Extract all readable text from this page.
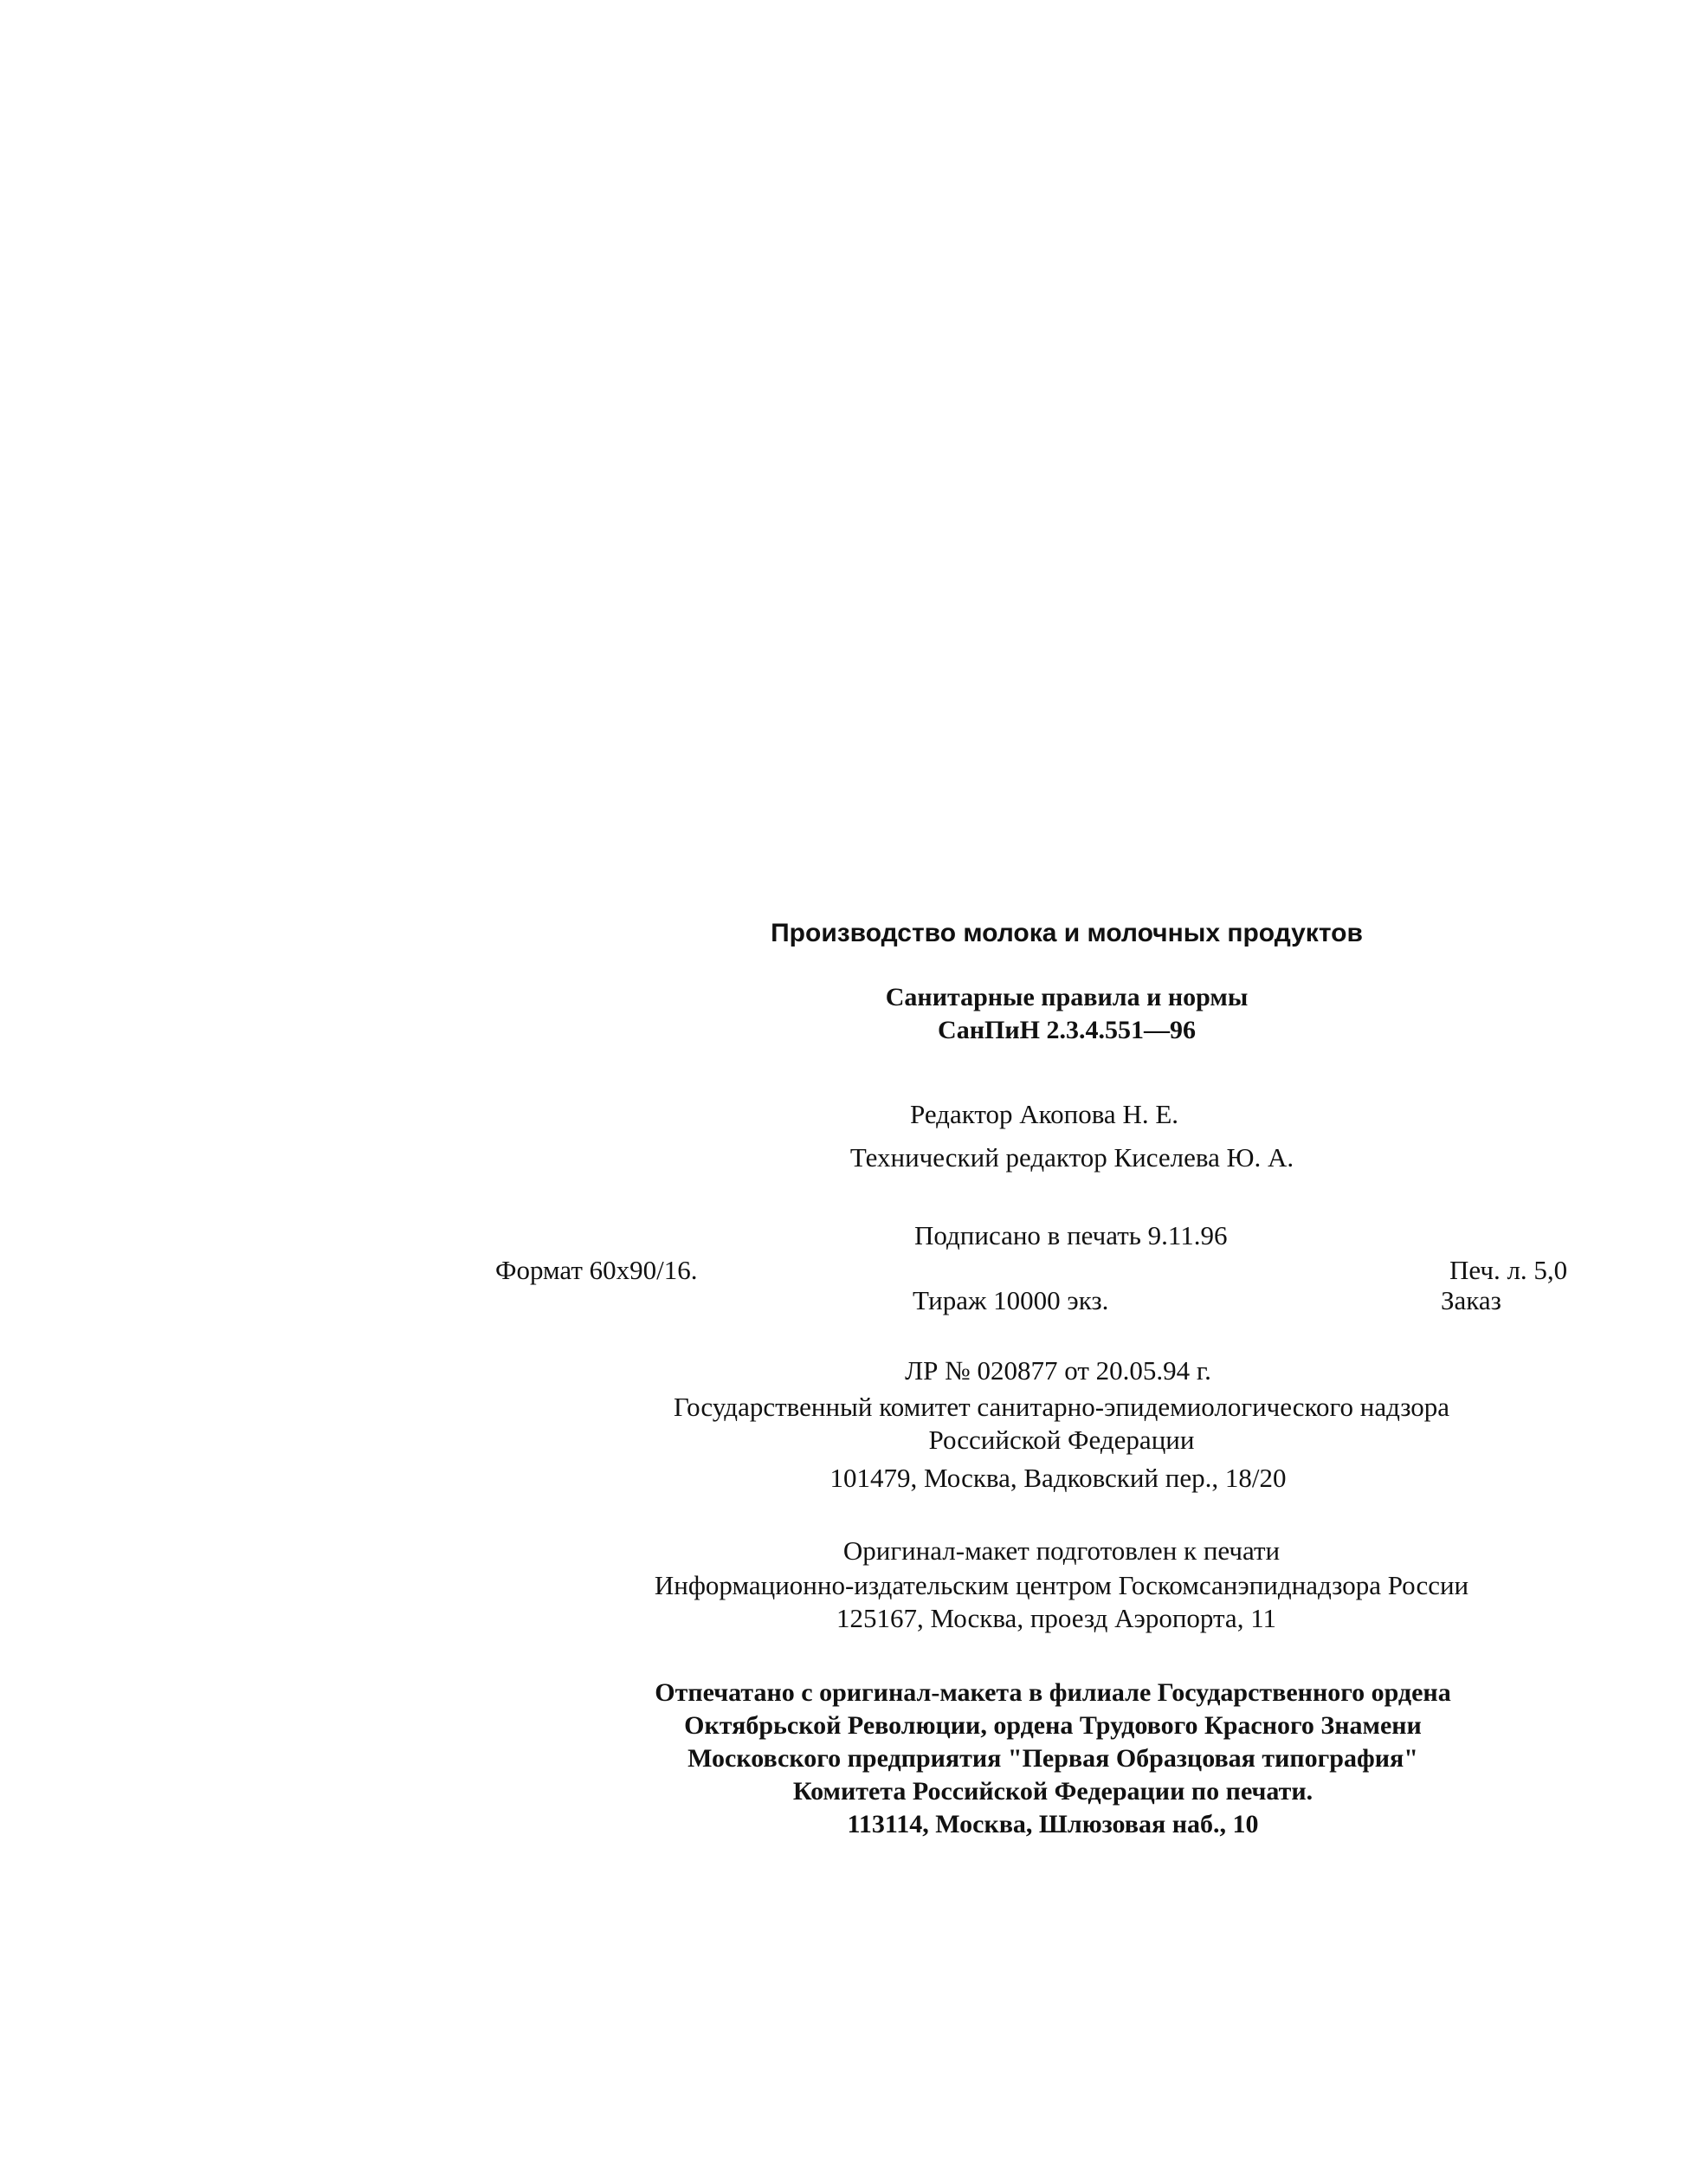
Производство молока и молочных продуктов
Санитарные правила и нормы
СанПиН 2.3.4.551—96
Редактор Акопова Н. Е.
Технический редактор Киселева Ю. А.
Подписано в печать 9.11.96
Формат 60x90/16.	Печ. л. 5,0
Тираж 10000 экз.	Заказ
ЛР № 020877 от 20.05.94 г.
Государственный комитет санитарно-эпидемиологического надзора
Российской Федерации
101479, Москва, Вадковский пер., 18/20
Оригинал-макет подготовлен к печати
Информационно-издательским центром Госкомсанэпиднадзора России
125167, Москва, проезд Аэропорта, 11
Отпечатано с оригинал-макета в филиале Государственного ордена
Октябрьской Революции, ордена Трудового Красного Знамени
Московского предприятия "Первая Образцовая типография"
Комитета Российской Федерации по печати.
113114, Москва, Шлюзовая наб., 10
